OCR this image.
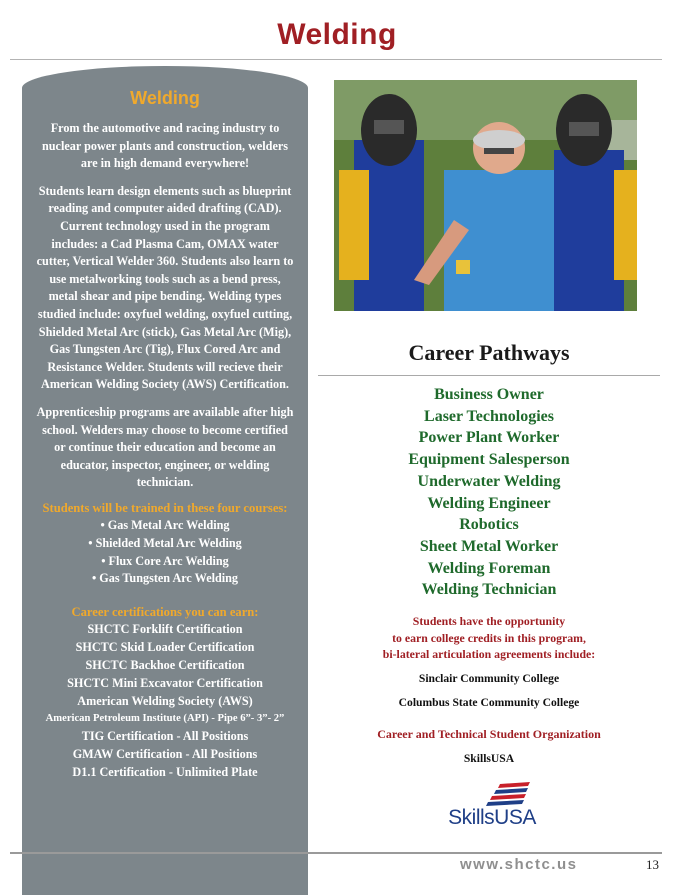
Welding
Welding
From the automotive and racing industry to nuclear power plants and construction, welders are in high demand everywhere!
Students learn design elements such as blueprint reading and computer aided drafting (CAD). Current technology used in the program includes: a Cad Plasma Cam, OMAX water cutter, Vertical Welder 360. Students also learn to use metalworking tools such as a bend press, metal shear and pipe bending. Welding types studied include: oxyfuel welding, oxyfuel cutting, Shielded Metal Arc (stick), Gas Metal Arc (Mig), Gas Tungsten Arc (Tig), Flux Cored Arc and Resistance Welder. Students will recieve their American Welding Society (AWS) Certification.
Apprenticeship programs are available after high school. Welders may choose to become certified or continue their education and become an educator, inspector, engineer, or welding technician.
Students will be trained in these four courses:
• Gas Metal Arc Welding
• Shielded Metal Arc Welding
• Flux Core Arc Welding
• Gas Tungsten Arc Welding
Career certifications you can earn:
SHCTC Forklift Certification
SHCTC Skid Loader Certification
SHCTC Backhoe Certification
SHCTC Mini Excavator Certification
American Welding Society (AWS)
American Petroleum Institute (API) - Pipe 6”- 3”- 2”
TIG Certification - All Positions
GMAW Certification - All Positions
D1.1 Certification - Unlimited Plate
Career Pathways
Business Owner
Laser Technologies
Power Plant Worker
Equipment Salesperson
Underwater Welding
Welding Engineer
Robotics
Sheet Metal Worker
Welding Foreman
Welding Technician
Students have the opportunity
to earn college credits in this program,
bi-lateral articulation agreements include:
Sinclair Community College
Columbus State Community College
Career and Technical Student Organization
SkillsUSA
SkillsUSA
www.shctc.us	13
